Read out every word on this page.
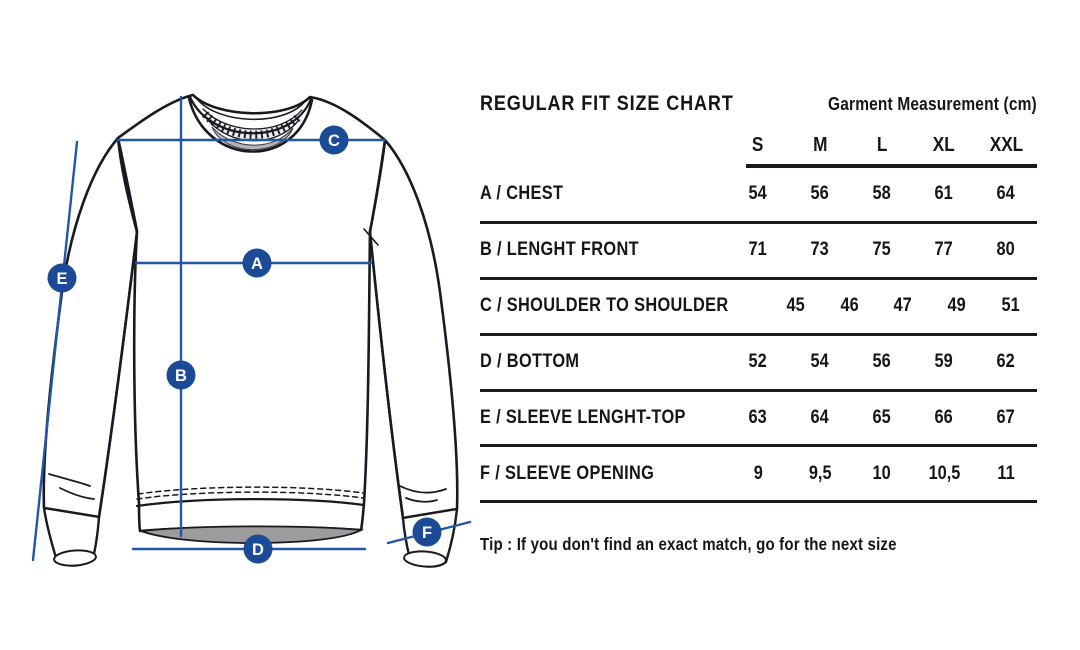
A
B
C
D
E
F
REGULAR FIT SIZE CHART	Garment Measurement (cm)
S	M	L	XL	XXL
A / CHEST	54	56	58	61	64
B / LENGHT FRONT	71	73	75	77	80
C / SHOULDER TO SHOULDER	45	46	47	49	51
D / BOTTOM	52	54	56	59	62
E / SLEEVE LENGHT-TOP	63	64	65	66	67
F / SLEEVE OPENING	9	9,5	10	10,5	11
Tip : If you don't find an exact match, go for the next size
